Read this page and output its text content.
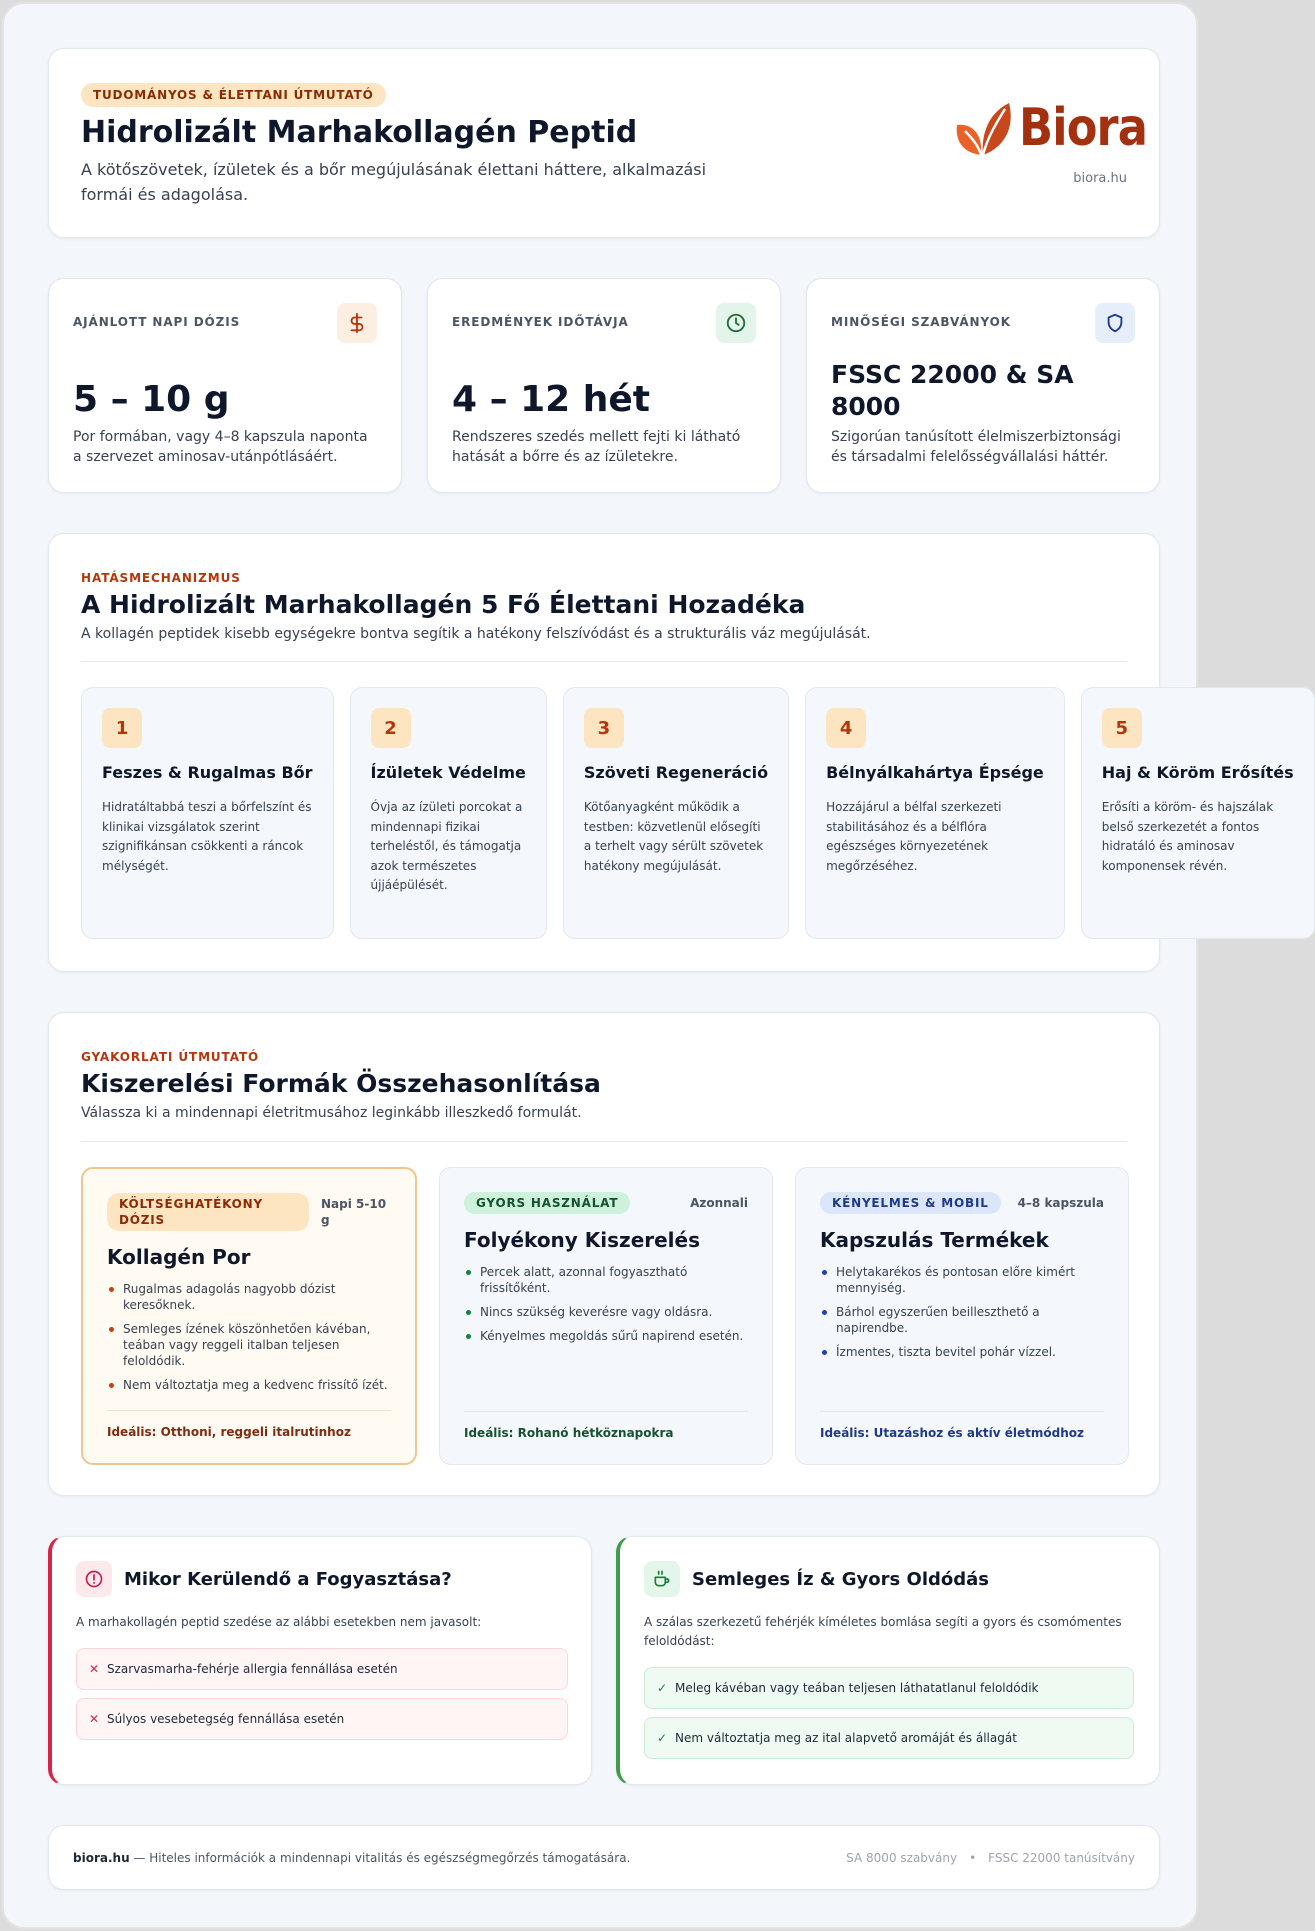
TUDOMÁNYOS & ÉLETTANI ÚTMUTATÓ
Hidrolizált Marhakollagén Peptid

A kötőszövetek, ízületek és a bőr megújulásának élettani háttere, alkalmazási formái és adagolása.

Biora
biora.hu
AJÁNLOTT NAPI DÓZIS
5 – 10 g
Por formában, vagy 4–8 kapszula naponta a szervezet aminosav-utánpótlásáért.
EREDMÉNYEK IDŐTÁVJA
4 – 12 hét
Rendszeres szedés mellett fejti ki látható hatását a bőrre és az ízületekre.
MINŐSÉGI SZABVÁNYOK
FSSC 22000 & SA 8000
Szigorúan tanúsított élelmiszerbiztonsági és társadalmi felelősségvállalási háttér.
HATÁSMECHANIZMUS
A Hidrolizált Marhakollagén 5 Fő Élettani Hozadéka

A kollagén peptidek kisebb egységekre bontva segítik a hatékony felszívódást és a strukturális váz megújulását.

1
Feszes & Rugalmas Bőr
Hidratáltabbá teszi a bőrfelszínt és klinikai vizsgálatok szerint szignifikánsan csökkenti a ráncok mélységét.
2
Ízületek Védelme
Óvja az ízületi porcokat a mindennapi fizikai terheléstől, és támogatja azok természetes újjáépülését.
3
Szöveti Regeneráció
Kötőanyagként működik a testben: közvetlenül elősegíti a terhelt vagy sérült szövetek hatékony megújulását.
4
Bélnyálkahártya Épsége
Hozzájárul a bélfal szerkezeti stabilitásához és a bélflóra egészséges környezetének megőrzéséhez.
5
Haj & Köröm Erősítés
Erősíti a köröm- és hajszálak belső szerkezetét a fontos hidratáló és aminosav komponensek révén.
GYAKORLATI ÚTMUTATÓ
Kiszerelési Formák Összehasonlítása

Válassza ki a mindennapi életritmusához leginkább illeszkedő formulát.

KÖLTSÉGHATÉKONY DÓZIS
Napi 5-10 g
Kollagén Por
Rugalmas adagolás nagyobb dózist keresőknek.
Semleges ízének köszönhetően kávéban, teában vagy reggeli italban teljesen feloldódik.
Nem változtatja meg a kedvenc frissítő ízét.
Ideális: Otthoni, reggeli italrutinhoz
GYORS HASZNÁLAT	Azonnali
Folyékony Kiszerelés
Percek alatt, azonnal fogyasztható frissítőként.
Nincs szükség keverésre vagy oldásra.
Kényelmes megoldás sűrű napirend esetén.
Ideális: Rohanó hétköznapokra
KÉNYELMES & MOBIL	4–8 kapszula
Kapszulás Termékek
Helytakarékos és pontosan előre kimért mennyiség.
Bárhol egyszerűen beilleszthető a napirendbe.
Ízmentes, tiszta bevitel pohár vízzel.
Ideális: Utazáshoz és aktív életmódhoz
Mikor Kerülendő a Fogyasztása?

A marhakollagén peptid szedése az alábbi esetekben nem javasolt:

✕ Szarvasmarha-fehérje allergia fennállása esetén
✕ Súlyos vesebetegség fennállása esetén
Semleges Íz & Gyors Oldódás

A szálas szerkezetű fehérjék kíméletes bomlása segíti a gyors és csomómentes feloldódást:

✓ Meleg kávéban vagy teában teljesen láthatatlanul feloldódik
✓ Nem változtatja meg az ital alapvető aromáját és állagát
biora.hu — Hiteles információk a mindennapi vitalitás és egészségmegőrzés támogatására.	SA 8000 szabvány • FSSC 22000 tanúsítvány
